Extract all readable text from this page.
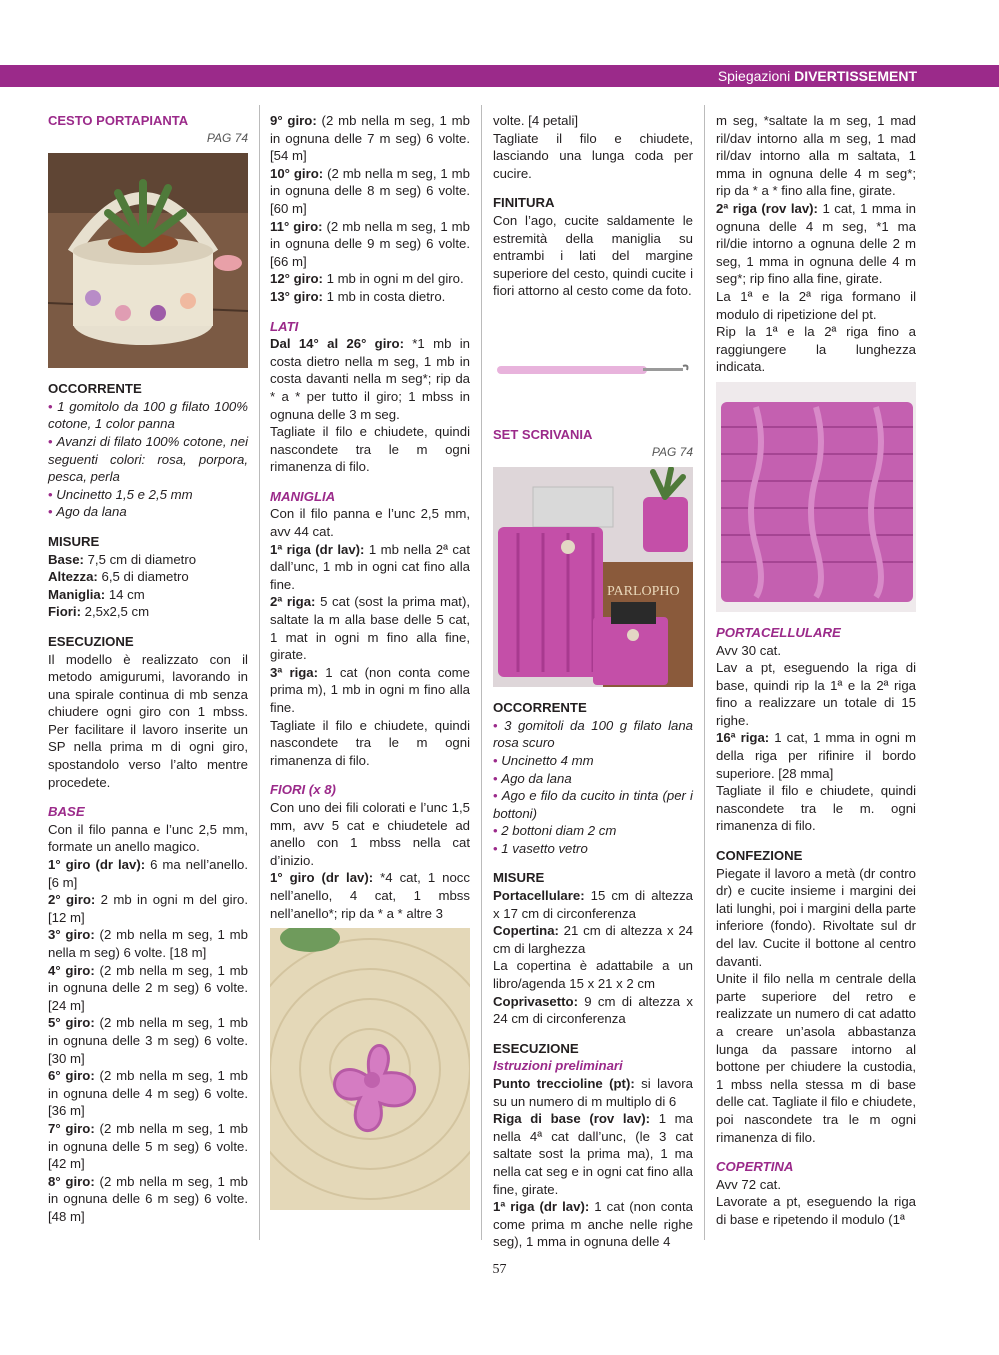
Spiegazioni DIVERTISSEMENT

CESTO PORTAPIANTA

PAG 74

OCCORRENTE

• 1 gomitolo da 100 g filato 100% cotone, 1 color panna

• Avanzi di filato 100% cotone, nei seguenti colori: rosa, porpora, pesca, perla

• Uncinetto 1,5 e 2,5 mm

• Ago da lana

MISURE

Base: 7,5 cm di diametro

Altezza: 6,5 di diametro

Maniglia: 14 cm

Fiori: 2,5x2,5 cm

ESECUZIONE

Il modello è realizzato con il metodo amigurumi, lavorando in una spirale continua di mb senza chiudere ogni giro con 1 mbss. Per facilitare il lavoro inserite un SP nella prima m di ogni giro, spostandolo verso l’alto mentre procedete.

BASE

Con il filo panna e l’unc 2,5 mm, formate un anello magico.

1° giro (dr lav): 6 ma nell’anello. [6 m]

2° giro: 2 mb in ogni m del giro. [12 m]

3° giro: (2 mb nella m seg, 1 mb nella m seg) 6 volte. [18 m]

4° giro: (2 mb nella m seg, 1 mb in ognuna delle 2 m seg) 6 volte. [24 m]

5° giro: (2 mb nella m seg, 1 mb in ognuna delle 3 m seg) 6 volte. [30 m]

6° giro: (2 mb nella m seg, 1 mb in ognuna delle 4 m seg) 6 volte. [36 m]

7° giro: (2 mb nella m seg, 1 mb in ognuna delle 5 m seg) 6 volte. [42 m]

8° giro: (2 mb nella m seg, 1 mb in ognuna delle 6 m seg) 6 volte. [48 m]

9° giro: (2 mb nella m seg, 1 mb in ognuna delle 7 m seg) 6 volte. [54 m]

10° giro: (2 mb nella m seg, 1 mb in ognuna delle 8 m seg) 6 volte. [60 m]

11° giro: (2 mb nella m seg, 1 mb in ognuna delle 9 m seg) 6 volte. [66 m]

12° giro: 1 mb in ogni m del giro.

13° giro: 1 mb in costa dietro.

LATI

Dal 14° al 26° giro: *1 mb in costa dietro nella m seg, 1 mb in costa davanti nella m seg*; rip da * a * per tutto il giro; 1 mbss in ognuna delle 3 m seg.

Tagliate il filo e chiudete, quindi nascondete tra le m ogni rimanenza di filo.

MANIGLIA

Con il filo panna e l’unc 2,5 mm, avv 44 cat.

1ª riga (dr lav): 1 mb nella 2ª cat dall’unc, 1 mb in ogni cat fino alla fine.

2ª riga: 5 cat (sost la prima mat), saltate la m alla base delle 5 cat, 1 mat in ogni m fino alla fine, girate.

3ª riga: 1 cat (non conta come prima m), 1 mb in ogni m fino alla fine.

Tagliate il filo e chiudete, quindi nascondete tra le m ogni rimanenza di filo.

FIORI (x 8)

Con uno dei fili colorati e l’unc 1,5 mm, avv 5 cat e chiudetele ad anello con 1 mbss nella cat d’inizio.

1° giro (dr lav): *4 cat, 1 nocc nell’anello, 4 cat, 1 mbss nell’anello*; rip da * a * altre 3

volte. [4 petali]

Tagliate il filo e chiudete, lasciando una lunga coda per cucire.

FINITURA

Con l’ago, cucite saldamente le estremità della maniglia su entrambi i lati del margine superiore del cesto, quindi cucite i fiori attorno al cesto come da foto.

SET SCRIVANIA

PAG 74

PARLOPHO

OCCORRENTE

• 3 gomitoli da 100 g filato lana rosa scuro

• Uncinetto 4 mm

• Ago da lana

• Ago e filo da cucito in tinta (per i bottoni)

• 2 bottoni diam 2 cm

• 1 vasetto vetro

MISURE

Portacellulare: 15 cm di altezza x 17 cm di circonferenza

Copertina: 21 cm di altezza x 24 cm di larghezza

La copertina è adattabile a un libro/agenda 15 x 21 x 2 cm

Coprivasetto: 9 cm di altezza x 24 cm di circonferenza

ESECUZIONE

Istruzioni preliminari

Punto treccioline (pt): si lavora su un numero di m multiplo di 6

Riga di base (rov lav): 1 ma nella 4ª cat dall’unc, (le 3 cat saltate sost la prima ma), 1 ma nella cat seg e in ogni cat fino alla fine, girate.

1ª riga (dr lav): 1 cat (non conta come prima m anche nelle righe seg), 1 mma in ognuna delle 4

m seg, *saltate la m seg, 1 mad ril/dav intorno alla m seg, 1 mad ril/dav intorno alla m saltata, 1 mma in ognuna delle 4 m seg*; rip da * a * fino alla fine, girate.

2ª riga (rov lav): 1 cat, 1 mma in ognuna delle 4 m seg, *1 ma ril/die intorno a ognuna delle 2 m seg, 1 mma in ognuna delle 4 m seg*; rip fino alla fine, girate.

La 1ª e la 2ª riga formano il modulo di ripetizione del pt.

Rip la 1ª e la 2ª riga fino a raggiungere la lunghezza indicata.

PORTACELLULARE

Avv 30 cat.

Lav a pt, eseguendo la riga di base, quindi rip la 1ª e la 2ª riga fino a realizzare un totale di 15 righe.

16ª riga: 1 cat, 1 mma in ogni m della riga per rifinire il bordo superiore. [28 mma]

Tagliate il filo e chiudete, quindi nascondete tra le m. ogni rimanenza di filo.

CONFEZIONE

Piegate il lavoro a metà (dr contro dr) e cucite insieme i margini dei lati lunghi, poi i margini della parte inferiore (fondo). Rivoltate sul dr del lav. Cucite il bottone al centro davanti.

Unite il filo nella m centrale della parte superiore del retro e realizzate un numero di cat adatto a creare un’asola abbastanza lunga da passare intorno al bottone per chiudere la custodia, 1 mbss nella stessa m di base delle cat. Tagliate il filo e chiudete, poi nascondete tra le m ogni rimanenza di filo.

COPERTINA

Avv 72 cat.

Lavorate a pt, eseguendo la riga di base e ripetendo il modulo (1ª

57
